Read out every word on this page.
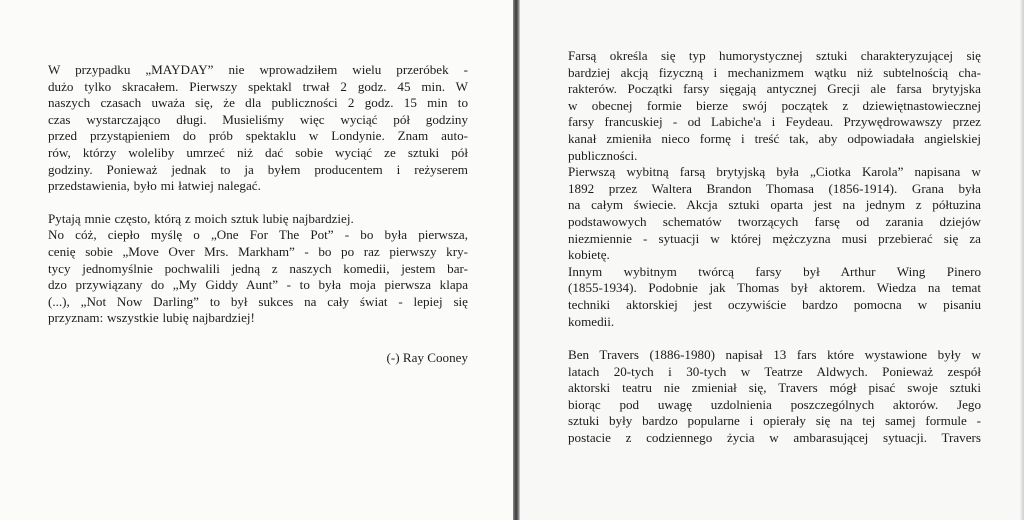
W przypadku „MAYDAY” nie wprowadziłem wielu przeróbek -
dużo tylko skracałem. Pierwszy spektakl trwał 2 godz. 45 min. W
naszych czasach uważa się, że dla publiczności 2 godz. 15 min to
czas wystarczająco długi. Musieliśmy więc wyciąć pół godziny
przed przystąpieniem do prób spektaklu w Londynie. Znam auto-
rów, którzy woleliby umrzeć niż dać sobie wyciąć ze sztuki pół
godziny. Ponieważ jednak to ja byłem producentem i reżyserem
przedstawienia, było mi łatwiej nalegać.
Pytają mnie często, którą z moich sztuk lubię najbardziej.
No cóż, ciepło myślę o „One For The Pot” - bo była pierwsza,
cenię sobie „Move Over Mrs. Markham” - bo po raz pierwszy kry-
tycy jednomyślnie pochwalili jedną z naszych komedii, jestem bar-
dzo przywiązany do „My Giddy Aunt” - to była moja pierwsza klapa
(...), „Not Now Darling” to był sukces na cały świat - lepiej się
przyznam: wszystkie lubię najbardziej!
(-) Ray Cooney
Farsą określa się typ humorystycznej sztuki charakteryzującej się
bardziej akcją fizyczną i mechanizmem wątku niż subtelnością cha-
rakterów. Początki farsy sięgają antycznej Grecji ale farsa brytyjska
w obecnej formie bierze swój początek z dziewiętnastowiecznej
farsy francuskiej - od Labiche'a i Feydeau. Przywędrowawszy przez
kanał zmieniła nieco formę i treść tak, aby odpowiadała angielskiej
publiczności.
Pierwszą wybitną farsą brytyjską była „Ciotka Karola” napisana w
1892 przez Waltera Brandon Thomasa (1856-1914). Grana była
na całym świecie. Akcja sztuki oparta jest na jednym z półtuzina
podstawowych schematów tworzących farsę od zarania dziejów
niezmiennie - sytuacji w której mężczyzna musi przebierać się za
kobietę.
Innym wybitnym twórcą farsy był Arthur Wing Pinero
(1855-1934). Podobnie jak Thomas był aktorem. Wiedza na temat
techniki aktorskiej jest oczywiście bardzo pomocna w pisaniu
komedii.
Ben Travers (1886-1980) napisał 13 fars które wystawione były w
latach 20-tych i 30-tych w Teatrze Aldwych. Ponieważ zespół
aktorski teatru nie zmieniał się, Travers mógł pisać swoje sztuki
biorąc pod uwagę uzdolnienia poszczególnych aktorów. Jego
sztuki były bardzo popularne i opierały się na tej samej formule -
postacie z codziennego życia w ambarasującej sytuacji. Travers
